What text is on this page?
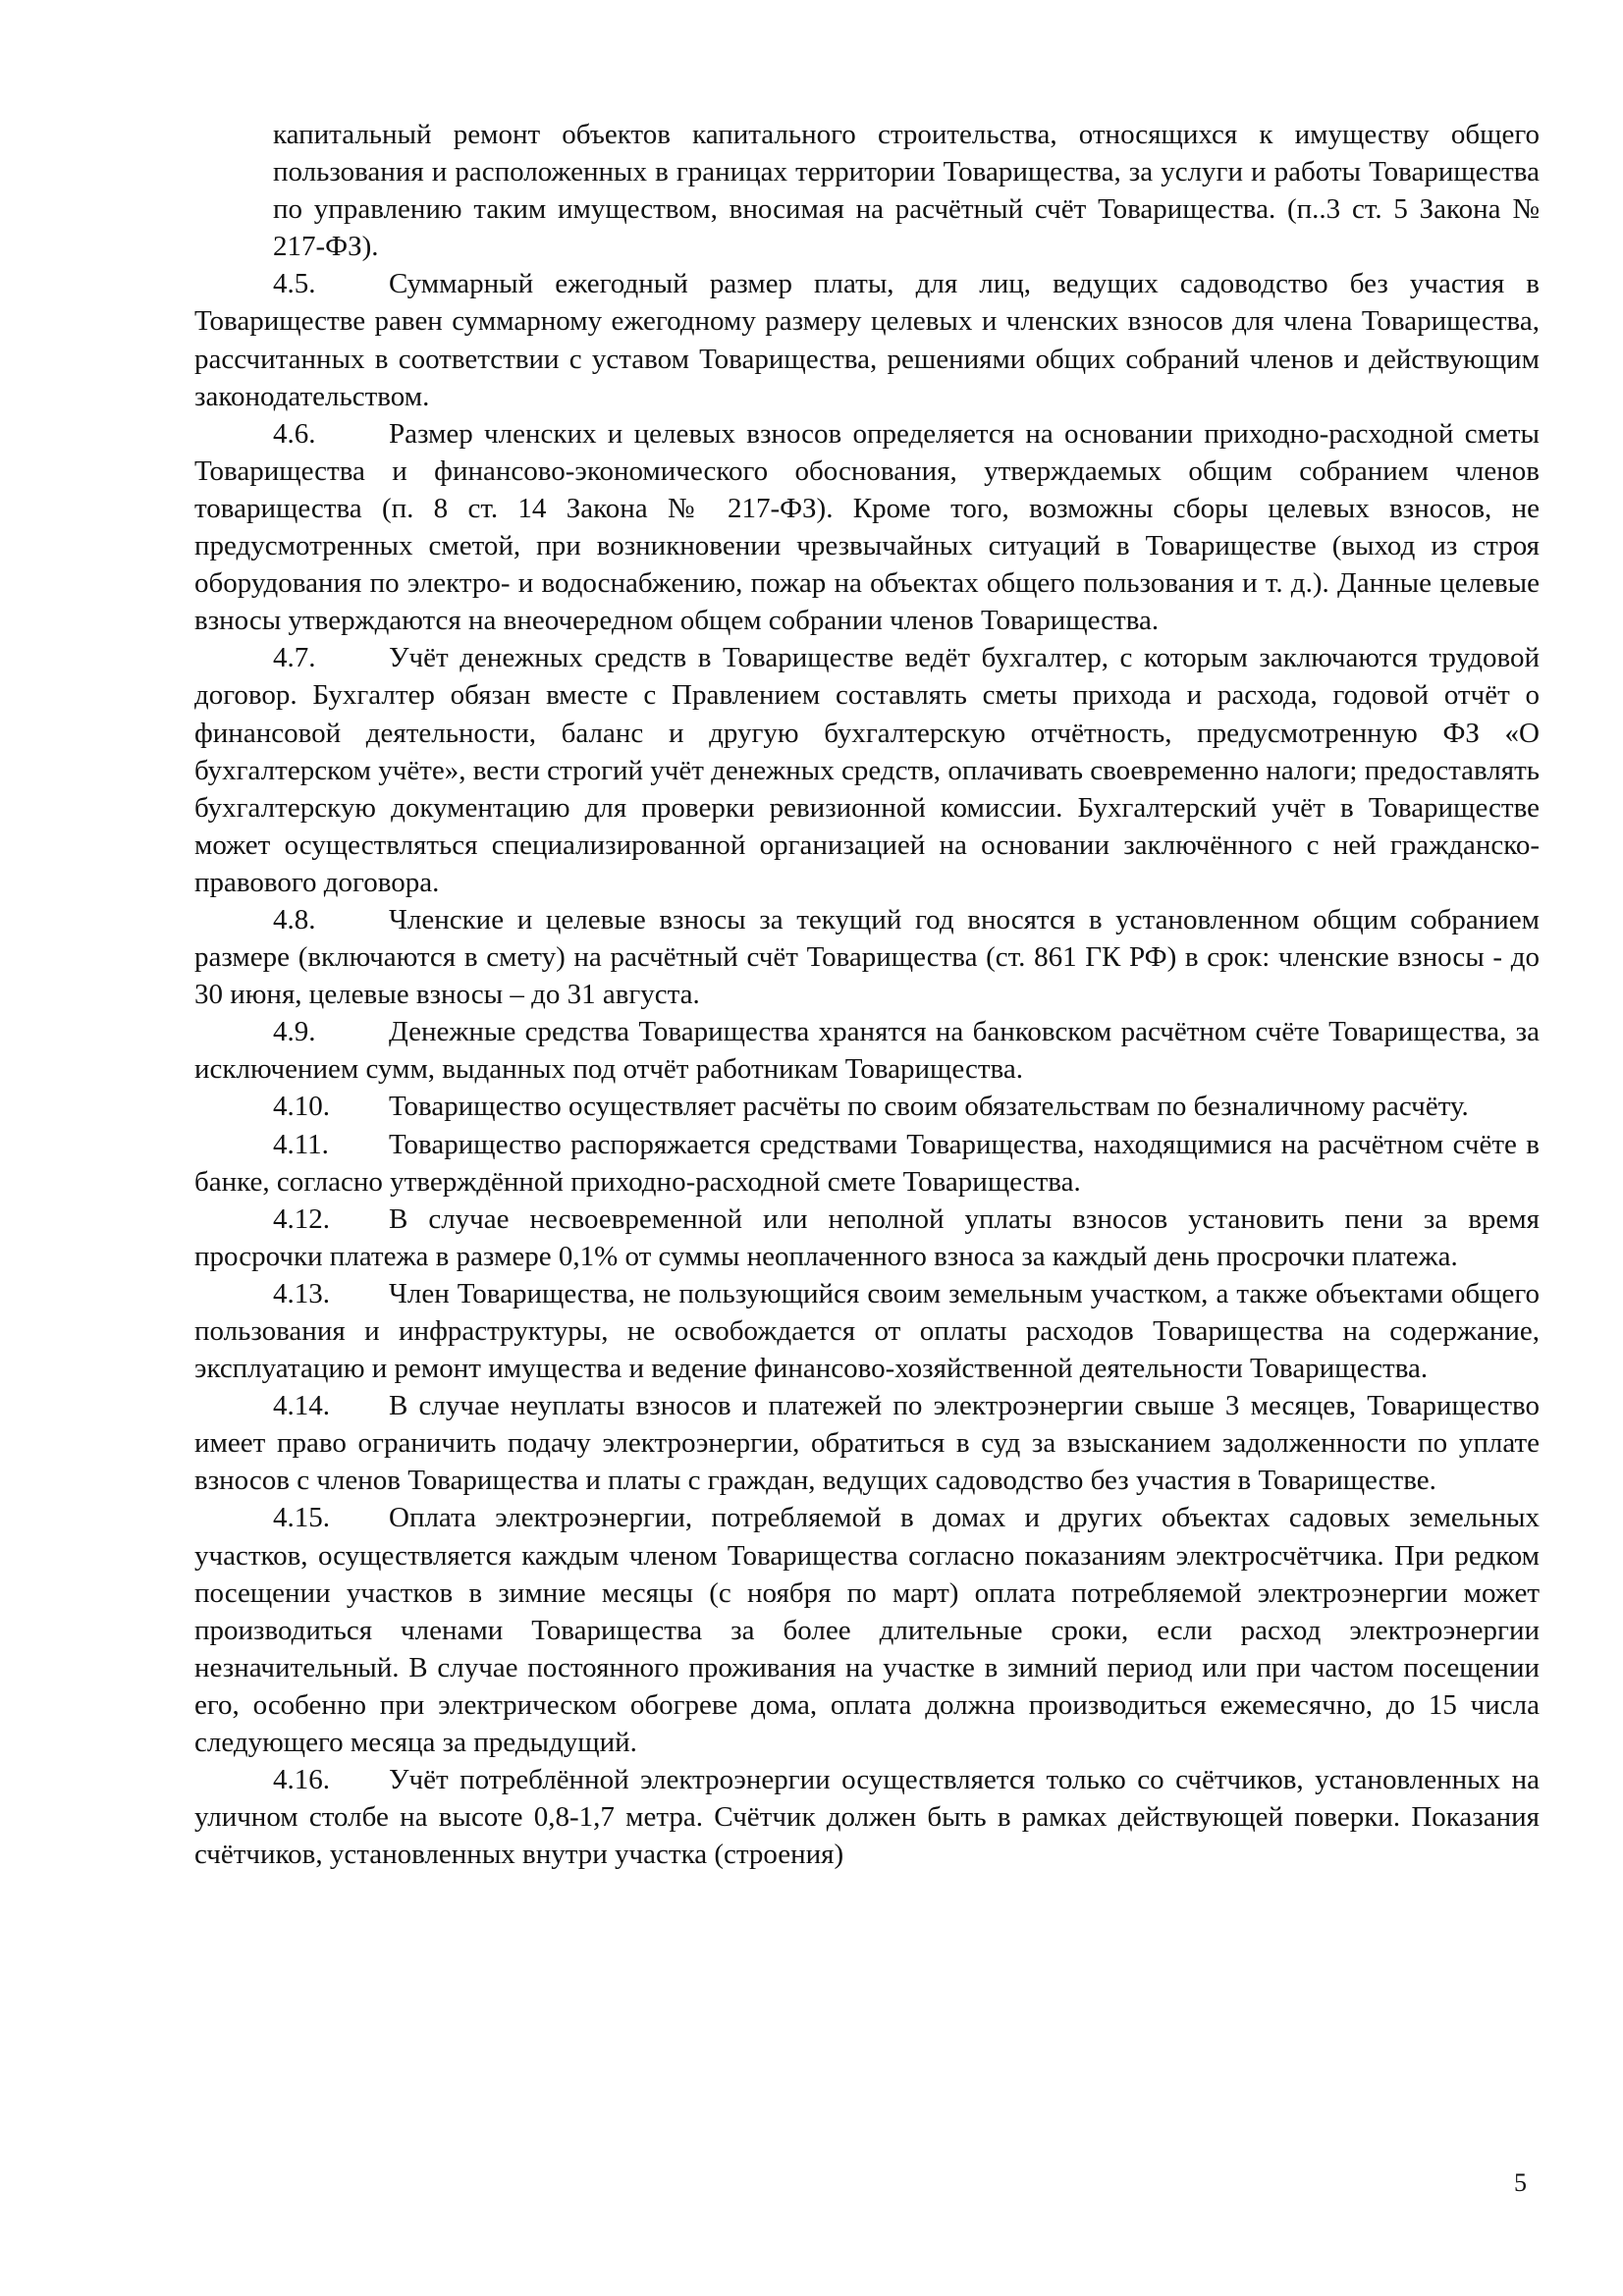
капитальный ремонт объектов капитального строительства, относящихся к имуществу общего пользования и расположенных в границах территории Товарищества, за услуги и работы Товарищества по управлению таким имуществом, вносимая на расчётный счёт Товарищества. (п..3 ст. 5 Закона № 217-ФЗ).

4.5.	Суммарный ежегодный размер платы, для лиц, ведущих садоводство без участия в Товариществе равен суммарному ежегодному размеру целевых и членских взносов для члена Товарищества, рассчитанных в соответствии с уставом Товарищества, решениями общих собраний членов и действующим законодательством.

4.6.	Размер членских и целевых взносов определяется на основании приходно-расходной сметы Товарищества и финансово-экономического обоснования, утверждаемых общим собранием членов товарищества (п. 8 ст. 14 Закона № 217-ФЗ). Кроме того, возможны сборы целевых взносов, не предусмотренных сметой, при возникновении чрезвычайных ситуаций в Товариществе (выход из строя оборудования по электро- и водоснабжению, пожар на объектах общего пользования и т. д.). Данные целевые взносы утверждаются на внеочередном общем собрании членов Товарищества.

4.7.	Учёт денежных средств в Товариществе ведёт бухгалтер, с которым заключаются трудовой договор. Бухгалтер обязан вместе с Правлением составлять сметы прихода и расхода, годовой отчёт о финансовой деятельности, баланс и другую бухгалтерскую отчётность, предусмотренную ФЗ «О бухгалтерском учёте», вести строгий учёт денежных средств, оплачивать своевременно налоги; предоставлять бухгалтерскую документацию для проверки ревизионной комиссии. Бухгалтерский учёт в Товариществе может осуществляться специализированной организацией на основании заключённого с ней гражданско-правового договора.

4.8.	Членские и целевые взносы за текущий год вносятся в установленном общим собранием размере (включаются в смету) на расчётный счёт Товарищества (ст. 861 ГК РФ) в срок: членские взносы - до 30 июня, целевые взносы – до 31 августа.

4.9.	Денежные средства Товарищества хранятся на банковском расчётном счёте Товарищества, за исключением сумм, выданных под отчёт работникам Товарищества.

4.10. Товарищество осуществляет расчёты по своим обязательствам по безналичному расчёту.

4.11. Товарищество распоряжается средствами Товарищества, находящимися на расчётном счёте в банке, согласно утверждённой приходно-расходной смете Товарищества.

4.12. В случае несвоевременной или неполной уплаты взносов установить пени за время просрочки платежа в размере 0,1% от суммы неоплаченного взноса за каждый день просрочки платежа.

4.13. Член Товарищества, не пользующийся своим земельным участком, а также объектами общего пользования и инфраструктуры, не освобождается от оплаты расходов Товарищества на содержание, эксплуатацию и ремонт имущества и ведение финансово-хозяйственной деятельности Товарищества.

4.14. В случае неуплаты взносов и платежей по электроэнергии свыше 3 месяцев, Товарищество имеет право ограничить подачу электроэнергии, обратиться в суд за взысканием задолженности по уплате взносов с членов Товарищества и платы с граждан, ведущих садоводство без участия в Товариществе.

4.15. Оплата электроэнергии, потребляемой в домах и других объектах садовых земельных участков, осуществляется каждым членом Товарищества согласно показаниям электросчётчика. При редком посещении участков в зимние месяцы (с ноября по март) оплата потребляемой электроэнергии может производиться членами Товарищества за более длительные сроки, если расход электроэнергии незначительный. В случае постоянного проживания на участке в зимний период или при частом посещении его, особенно при электрическом обогреве дома, оплата должна производиться ежемесячно, до 15 числа следующего месяца за предыдущий.

4.16. Учёт потреблённой электроэнергии осуществляется только со счётчиков, установленных на уличном столбе на высоте 0,8-1,7 метра. Счётчик должен быть в рамках действующей поверки. Показания счётчиков, установленных внутри участка (строения)

5
